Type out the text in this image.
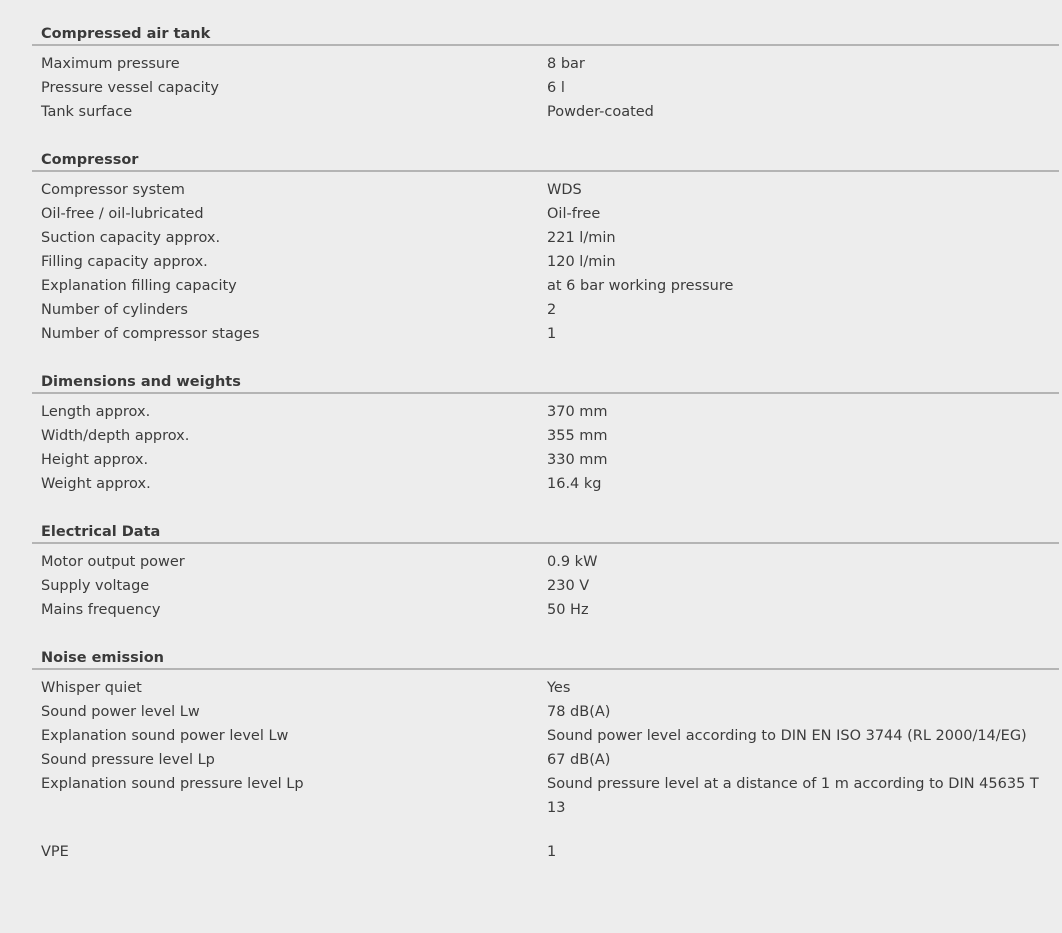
Compressed air tank
Maximum pressure	8 bar
Pressure vessel capacity	6 l
Tank surface	Powder-coated
Compressor
Compressor system	WDS
Oil-free / oil-lubricated	Oil-free
Suction capacity approx.	221 l/min
Filling capacity approx.	120 l/min
Explanation filling capacity	at 6 bar working pressure
Number of cylinders	2
Number of compressor stages	1
Dimensions and weights
Length approx.	370 mm
Width/depth approx.	355 mm
Height approx.	330 mm
Weight approx.	16.4 kg
Electrical Data
Motor output power	0.9 kW
Supply voltage	230 V
Mains frequency	50 Hz
Noise emission
Whisper quiet	Yes
Sound power level Lw	78 dB(A)
Explanation sound power level Lw	Sound power level according to DIN EN ISO 3744 (RL 2000/14/EG)
Sound pressure level Lp	67 dB(A)
Explanation sound pressure level Lp	Sound pressure level at a distance of 1 m according to DIN 45635 T 13
VPE	1
